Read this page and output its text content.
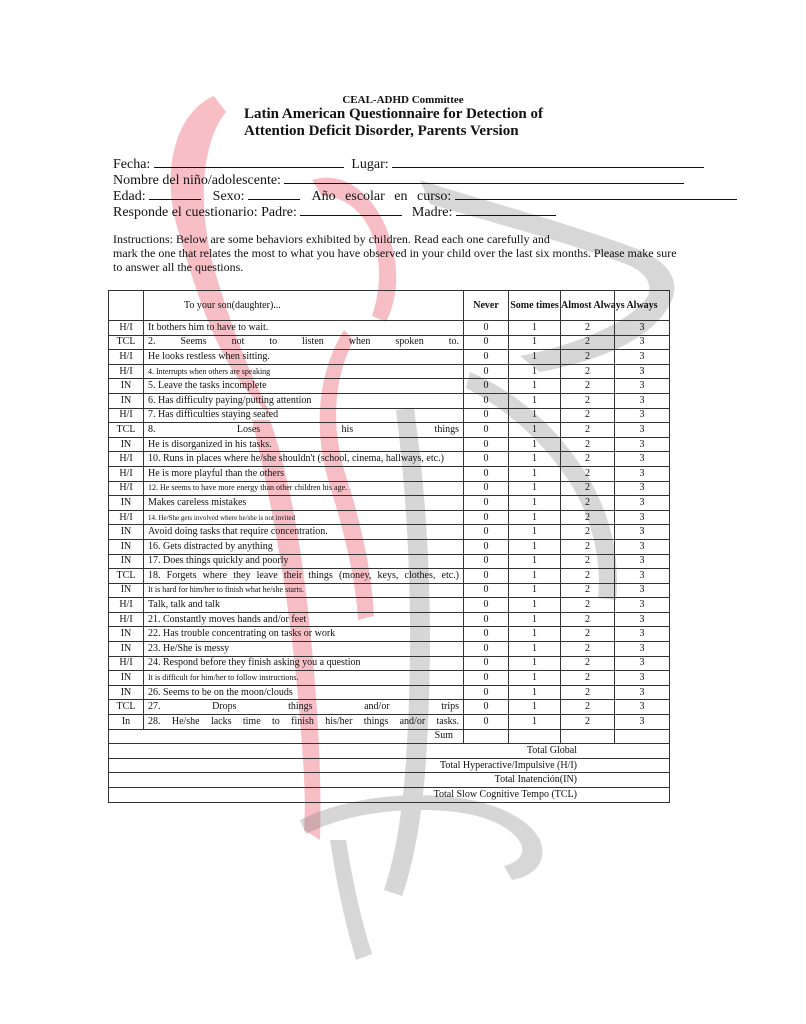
CEAL-ADHD Committee
Latin American Questionnaire for Detection of
Attention Deficit Disorder, Parents Version
Fecha:	Lugar:
Nombre del niño/adolescente:
Edad:	Sexo:	Año escolar en curso:
Responde el cuestionario: Padre:	Madre:
Instructions: Below are some behaviors exhibited by children. Read each one carefully and
mark the one that relates the most to what you have observed in your child over the last six months. Please make sure
to answer all the questions.
	To your son(daughter)...	Never	Some times	Almost Always	Always
H/I	It bothers him to have to wait.	0	1	2	3
TCL	2. Seems not to listen when spoken to.	0	1	2	3
H/I	He looks restless when sitting.	0	1	2	3
H/I	4. Interrupts when others are speaking	0	1	2	3
IN	5. Leave the tasks incomplete	0	1	2	3
IN	6. Has difficulty paying/putting attention	0	1	2	3
H/I	7. Has difficulties staying seated	0	1	2	3
TCL	8. Loses his things	0	1	2	3
IN	He is disorganized in his tasks.	0	1	2	3
H/I	10. Runs in places where he/she shouldn't (school, cinema, hallways, etc.)	0	1	2	3
H/I	He is more playful than the others	0	1	2	3
H/I	12. He seems to have more energy than other children his age.	0	1	2	3
IN	Makes careless mistakes	0	1	2	3
H/I	14. He/She gets involved where he/she is not invited	0	1	2	3
IN	Avoid doing tasks that require concentration.	0	1	2	3
IN	16. Gets distracted by anything	0	1	2	3
IN	17. Does things quickly and poorly	0	1	2	3
TCL	18. Forgets where they leave their things (money, keys, clothes, etc.)	0	1	2	3
IN	It is hard for him/her to finish what he/she starts.	0	1	2	3
H/I	Talk, talk and talk	0	1	2	3
H/I	21. Constantly moves hands and/or feet	0	1	2	3
IN	22. Has trouble concentrating on tasks or work	0	1	2	3
IN	23. He/She is messy	0	1	2	3
H/I	24. Respond before they finish asking you a question	0	1	2	3
IN	It is difficult for him/her to follow instructions.	0	1	2	3
IN	26. Seems to be on the moon/clouds	0	1	2	3
TCL	27. Drops things and/or trips	0	1	2	3
In	28. He/she lacks time to finish his/her things and/or tasks.	0	1	2	3
Sum					
Total Global					
Total Hyperactive/Impulsive (H/I)					
Total Inatención(IN)					
Total Slow Cognitive Tempo (TCL)					
